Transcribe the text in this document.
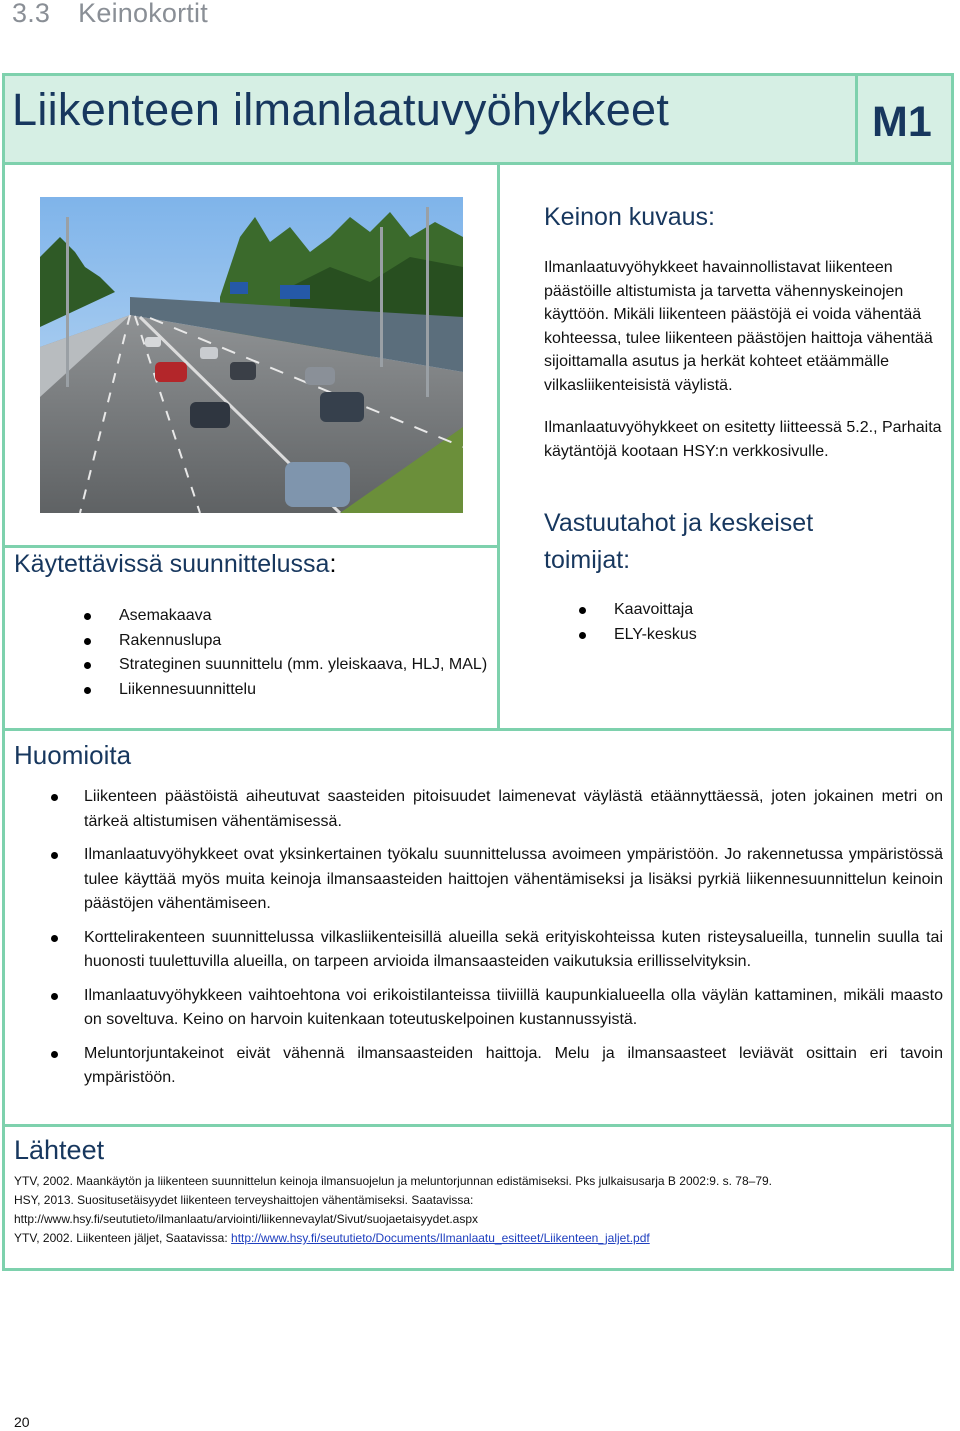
3.3 Keinokortit
Liikenteen ilmanlaatuvyöhykkeet	M1
Keinon kuvaus:
Ilmanlaatuvyöhykkeet havainnollistavat liikenteen päästöille altistumista ja tarvetta vähennyskeinojen käyttöön. Mikäli liikenteen päästöjä ei voida vähentää kohteessa, tulee liikenteen päästöjen haittoja vähentää sijoittamalla asutus ja herkät kohteet etäämmälle vilkasliikenteisistä väylistä.
Ilmanlaatuvyöhykkeet on esitetty liitteessä 5.2., Parhaita käytäntöjä kootaan HSY:n verkkosivulle.
Käytettävissä suunnittelussa:
Asemakaava
Rakennuslupa
Strateginen suunnittelu (mm. yleiskaava, HLJ, MAL)
Liikennesuunnittelu
Vastuutahot ja keskeiset toimijat:
Kaavoittaja
ELY-keskus
Huomioita
Liikenteen päästöistä aiheutuvat saasteiden pitoisuudet laimenevat väylästä etäännyttäessä, joten jokainen metri on tärkeä altistumisen vähentämisessä.
Ilmanlaatuvyöhykkeet ovat yksinkertainen työkalu suunnittelussa avoimeen ympäristöön. Jo rakennetussa ympäristössä tulee käyttää myös muita keinoja ilmansaasteiden haittojen vähentämiseksi ja lisäksi pyrkiä liikennesuunnittelun keinoin päästöjen vähentämiseen.
Korttelirakenteen suunnittelussa vilkasliikenteisillä alueilla sekä erityiskohteissa kuten risteysalueilla, tunnelin suulla tai huonosti tuulettuvilla alueilla, on tarpeen arvioida ilmansaasteiden vaikutuksia erillisselvityksin.
Ilmanlaatuvyöhykkeen vaihtoehtona voi erikoistilanteissa tiiviillä kaupunkialueella olla väylän kattaminen, mikäli maasto on soveltuva. Keino on harvoin kuitenkaan toteutuskelpoinen kustannussyistä.
Meluntorjuntakeinot eivät vähennä ilmansaasteiden haittoja. Melu ja ilmansaasteet leviävät osittain eri tavoin ympäristöön.
Lähteet
YTV, 2002. Maankäytön ja liikenteen suunnittelun keinoja ilmansuojelun ja meluntorjunnan edistämiseksi. Pks julkaisusarja B 2002:9. s. 78–79.
HSY, 2013. Suositusetäisyydet liikenteen terveyshaittojen vähentämiseksi. Saatavissa:
http://www.hsy.fi/seututieto/ilmanlaatu/arviointi/liikennevaylat/Sivut/suojaetaisyydet.aspx
YTV, 2002. Liikenteen jäljet, Saatavissa: http://www.hsy.fi/seututieto/Documents/Ilmanlaatu_esitteet/Liikenteen_jaljet.pdf
20
